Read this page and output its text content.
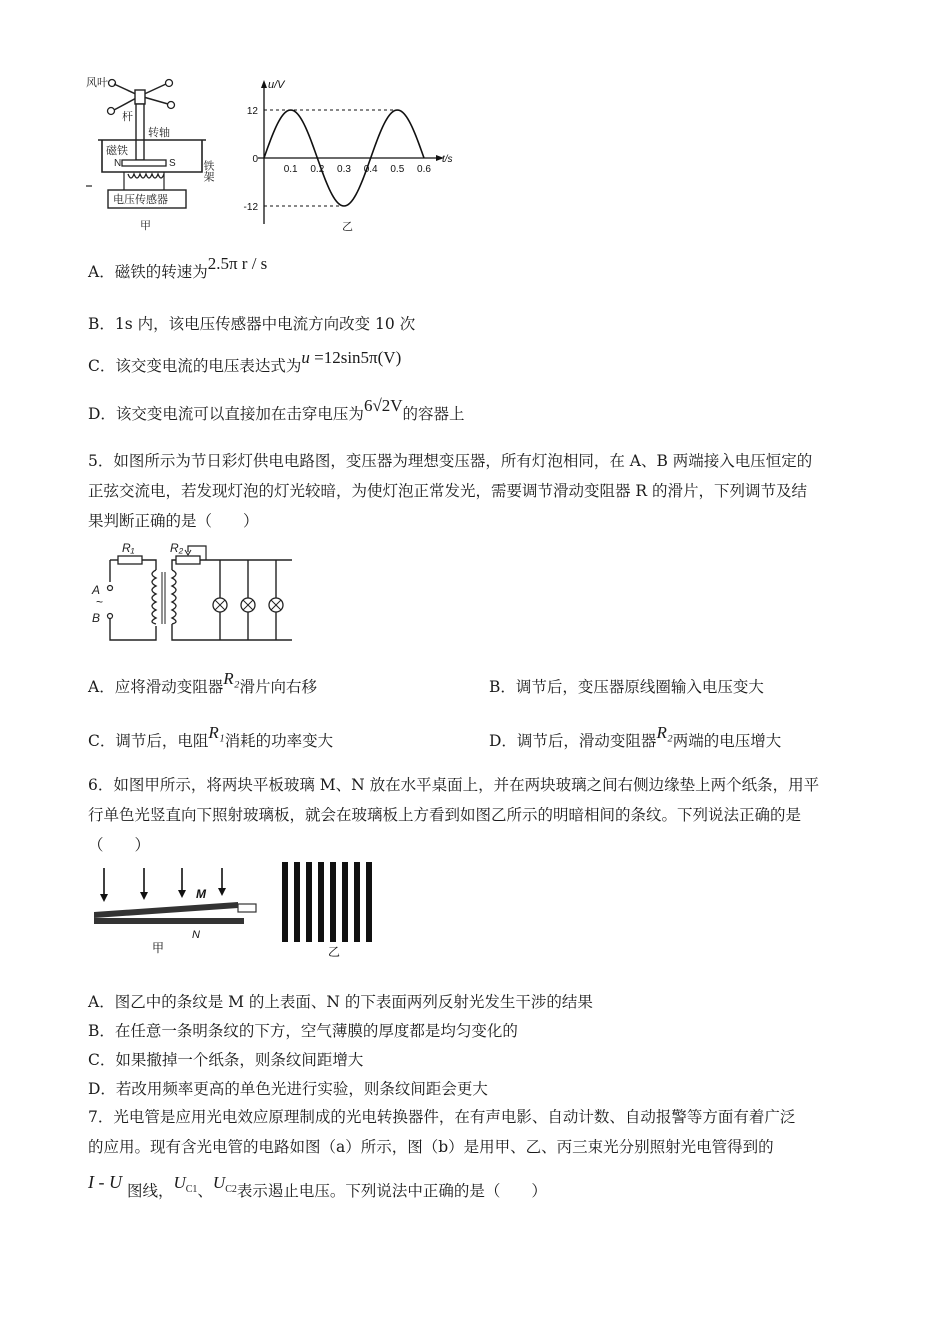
风叶
杆
转轴
磁铁
N	S 铁架
电压传感器
甲
u/V
t/s
12
0
-12
0.1 0.2 0.3 0.4 0.5 0.6
乙
A．磁铁的转速为2.5π r / s
B．1s 内，该电压传感器中电流方向改变 10 次
C．该交变电流的电压表达式为u =12sin5π(V)
D．该交变电流可以直接加在击穿电压为6√2V的容器上
5．如图所示为节日彩灯供电电路图，变压器为理想变压器，所有灯泡相同，在 A、B 两端接入电压恒定的
正弦交流电，若发现灯泡的灯光较暗，为使灯泡正常发光，需要调节滑动变阻器 R 的滑片，下列调节及结
果判断正确的是（　　）
R₁
A
~
B
R₂
A．应将滑动变阻器R₂滑片向右移	B．调节后，变压器原线圈输入电压变大
C．调节后，电阻R₁消耗的功率变大	D．调节后，滑动变阻器R₂两端的电压增大
6．如图甲所示，将两块平板玻璃 M、N 放在水平桌面上，并在两块玻璃之间右侧边缘垫上两个纸条，用平
行单色光竖直向下照射玻璃板，就会在玻璃板上方看到如图乙所示的明暗相间的条纹。下列说法正确的是
（　　）
M
N
甲	乙
A．图乙中的条纹是 M 的上表面、N 的下表面两列反射光发生干涉的结果
B．在任意一条明条纹的下方，空气薄膜的厚度都是均匀变化的
C．如果撤掉一个纸条，则条纹间距增大
D．若改用频率更高的单色光进行实验，则条纹间距会更大
7．光电管是应用光电效应原理制成的光电转换器件，在有声电影、自动计数、自动报警等方面有着广泛
的应用。现有含光电管的电路如图（a）所示，图（b）是用甲、乙、丙三束光分别照射光电管得到的
I - U 图线，$U_{C1}$、$U_{C2}$表示遏止电压。下列说法中正确的是（　　）
